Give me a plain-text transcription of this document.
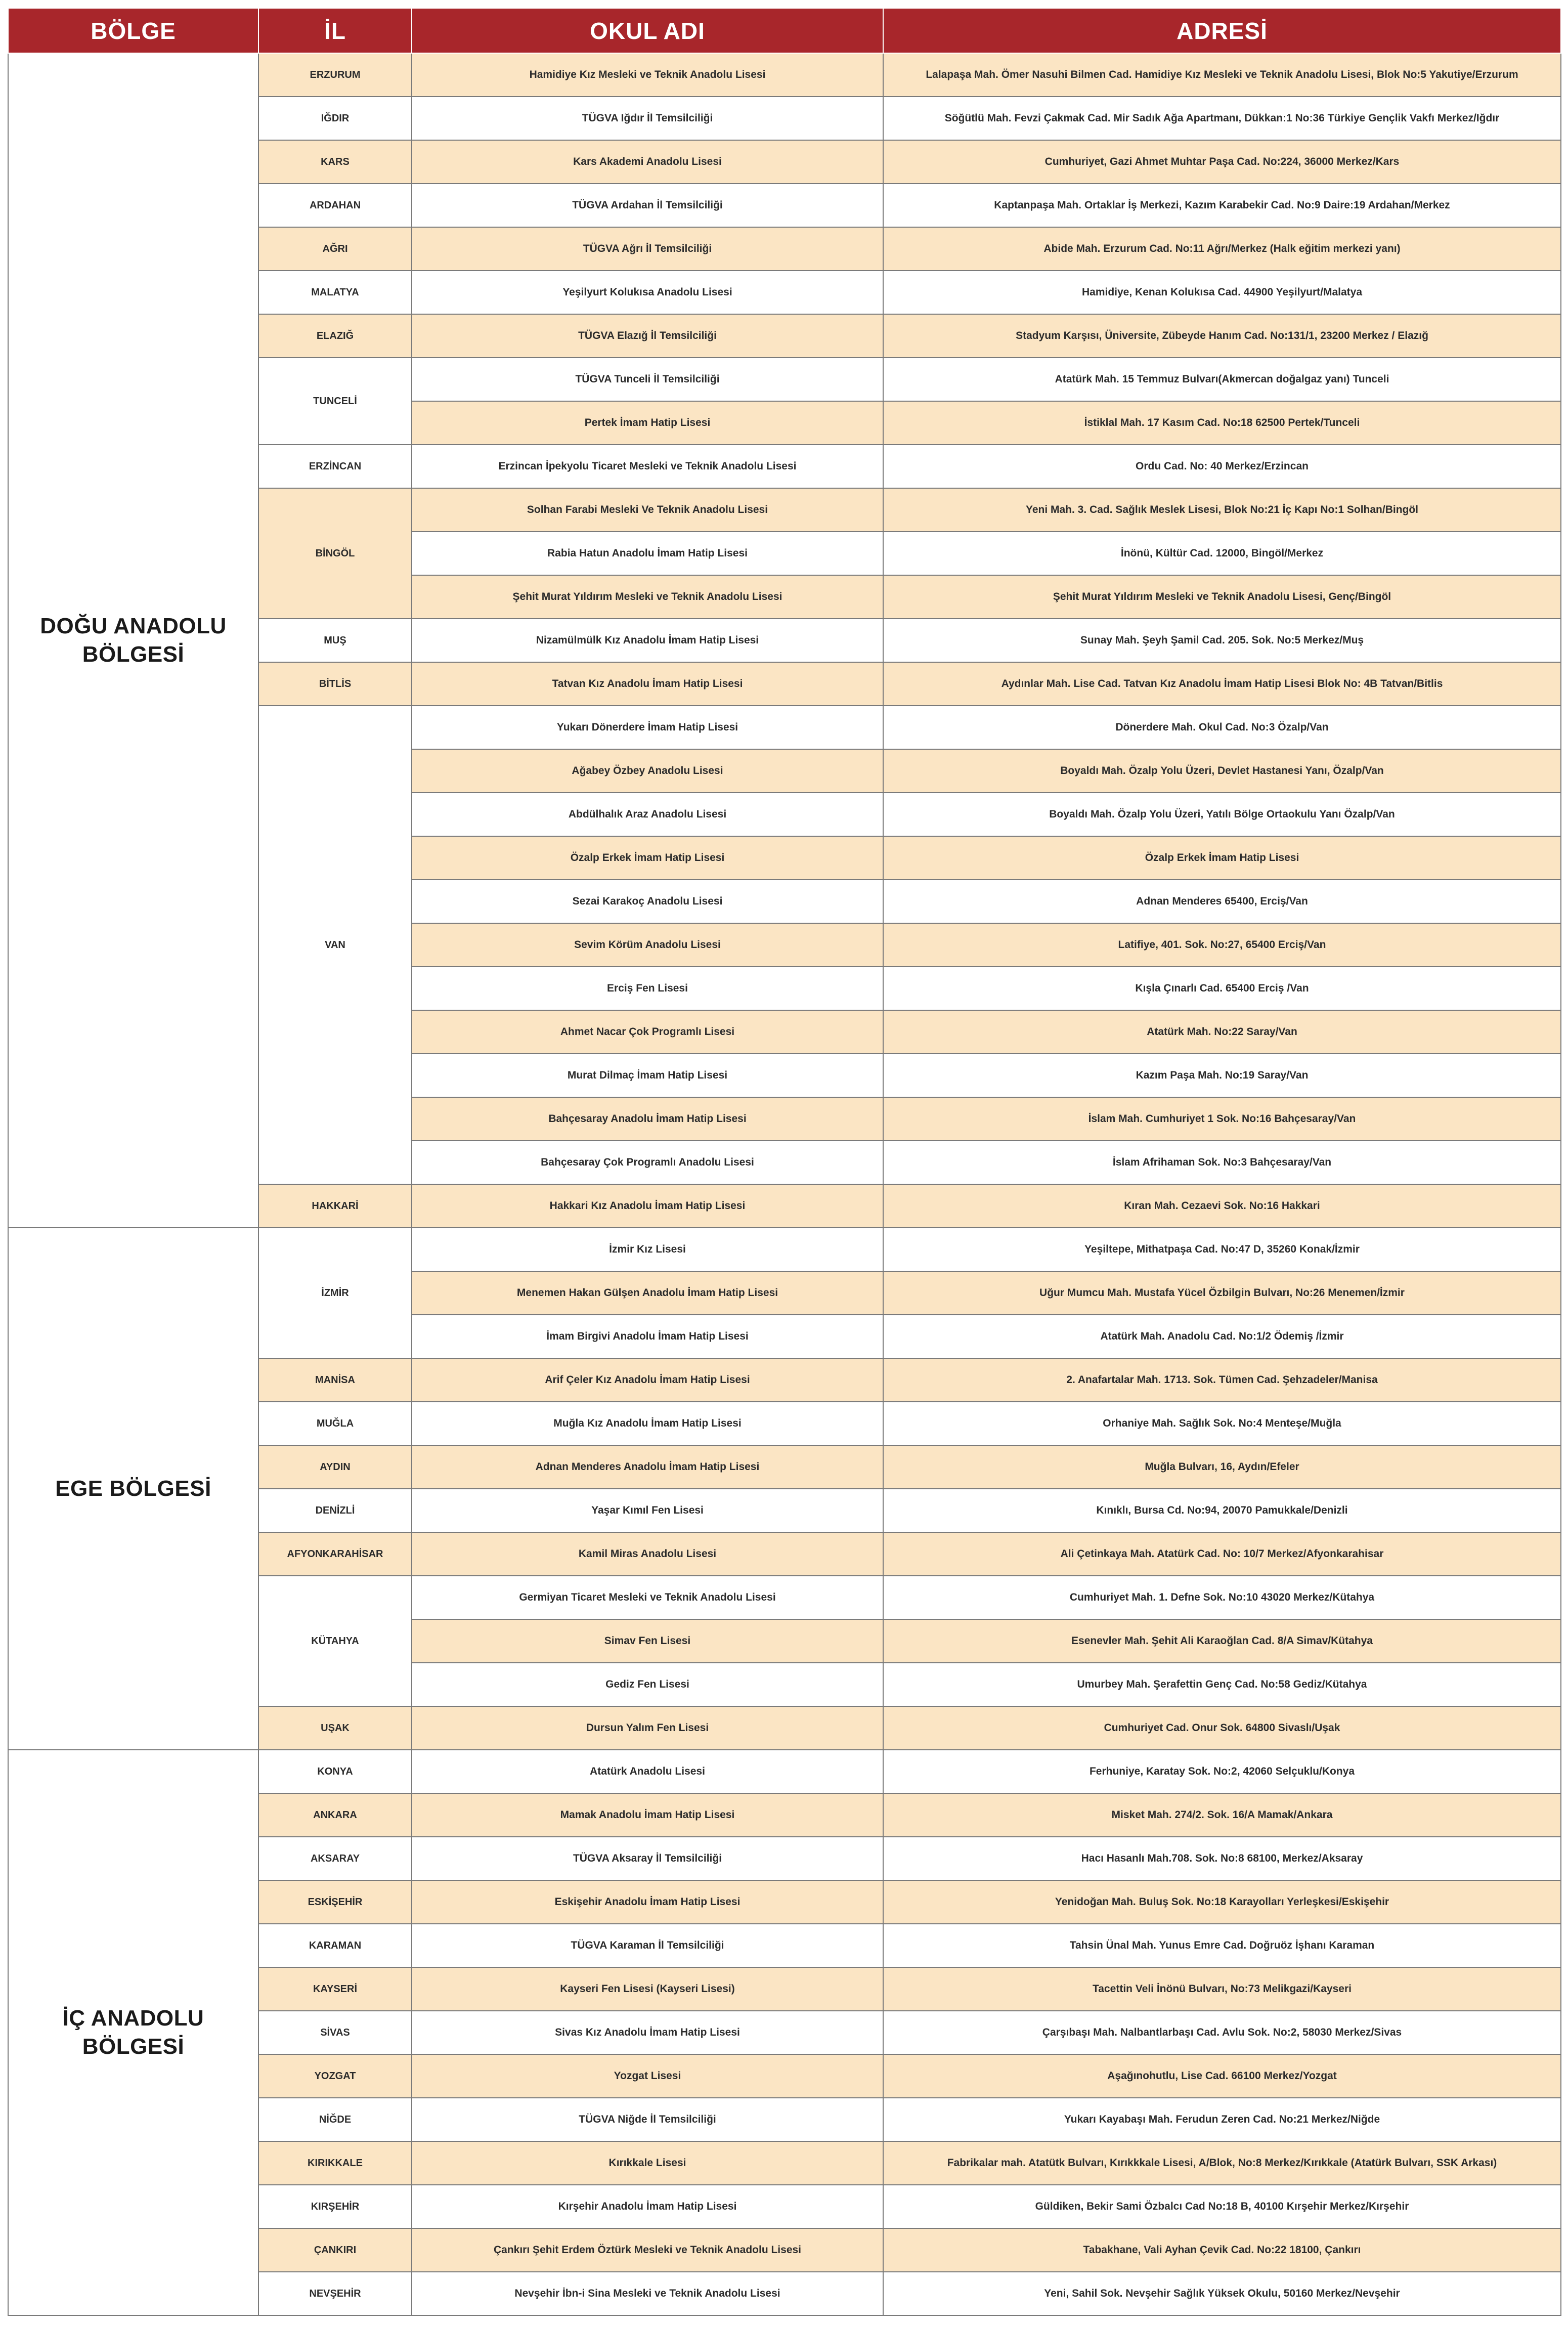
BÖLGE	İL	OKUL ADI	ADRESİ
DOĞU ANADOLU BÖLGESİ	ERZURUM	Hamidiye Kız Mesleki ve Teknik Anadolu Lisesi	Lalapaşa Mah. Ömer Nasuhi Bilmen Cad. Hamidiye Kız Mesleki ve Teknik Anadolu Lisesi, Blok No:5 Yakutiye/Erzurum
	IĞDIR	TÜGVA Iğdır İl Temsilciliği	Söğütlü Mah. Fevzi Çakmak Cad. Mir Sadık Ağa Apartmanı, Dükkan:1 No:36 Türkiye Gençlik Vakfı Merkez/Iğdır
	KARS	Kars Akademi Anadolu Lisesi	Cumhuriyet, Gazi Ahmet Muhtar Paşa Cad. No:224, 36000 Merkez/Kars
	ARDAHAN	TÜGVA Ardahan İl Temsilciliği	Kaptanpaşa Mah. Ortaklar İş Merkezi, Kazım Karabekir Cad. No:9 Daire:19 Ardahan/Merkez
	AĞRI	TÜGVA Ağrı İl Temsilciliği	Abide Mah. Erzurum Cad. No:11 Ağrı/Merkez (Halk eğitim merkezi yanı)
	MALATYA	Yeşilyurt Kolukısa Anadolu Lisesi	Hamidiye, Kenan Kolukısa Cad. 44900 Yeşilyurt/Malatya
	ELAZIĞ	TÜGVA Elazığ İl Temsilciliği	Stadyum Karşısı, Üniversite, Zübeyde Hanım Cad. No:131/1, 23200 Merkez / Elazığ
	TUNCELİ	TÜGVA Tunceli İl Temsilciliği	Atatürk Mah. 15 Temmuz Bulvarı(Akmercan doğalgaz yanı) Tunceli
		Pertek İmam Hatip Lisesi	İstiklal Mah. 17 Kasım Cad. No:18 62500 Pertek/Tunceli
	ERZİNCAN	Erzincan İpekyolu Ticaret Mesleki ve Teknik Anadolu Lisesi	Ordu Cad. No: 40 Merkez/Erzincan
	BİNGÖL	Solhan Farabi Mesleki Ve Teknik Anadolu Lisesi	Yeni Mah. 3. Cad. Sağlık Meslek Lisesi, Blok No:21 İç Kapı No:1 Solhan/Bingöl
		Rabia Hatun Anadolu İmam Hatip Lisesi	İnönü, Kültür Cad. 12000, Bingöl/Merkez
		Şehit Murat Yıldırım Mesleki ve Teknik Anadolu Lisesi	Şehit Murat Yıldırım Mesleki ve Teknik Anadolu Lisesi, Genç/Bingöl
	MUŞ	Nizamülmülk Kız Anadolu İmam Hatip Lisesi	Sunay Mah. Şeyh Şamil Cad. 205. Sok. No:5 Merkez/Muş
	BİTLİS	Tatvan Kız Anadolu İmam Hatip Lisesi	Aydınlar Mah. Lise Cad. Tatvan Kız Anadolu İmam Hatip Lisesi Blok No: 4B Tatvan/Bitlis
	VAN	Yukarı Dönerdere İmam Hatip Lisesi	Dönerdere Mah. Okul Cad. No:3 Özalp/Van
		Ağabey Özbey Anadolu Lisesi	Boyaldı Mah. Özalp Yolu Üzeri, Devlet Hastanesi Yanı, Özalp/Van
		Abdülhalık Araz Anadolu Lisesi	Boyaldı Mah. Özalp Yolu Üzeri, Yatılı Bölge Ortaokulu Yanı Özalp/Van
		Özalp Erkek İmam Hatip Lisesi	Özalp Erkek İmam Hatip Lisesi
		Sezai Karakoç Anadolu Lisesi	Adnan Menderes 65400, Erciş/Van
		Sevim Körüm Anadolu Lisesi	Latifiye, 401. Sok. No:27, 65400 Erciş/Van
		Erciş Fen Lisesi	Kışla Çınarlı Cad. 65400 Erciş /Van
		Ahmet Nacar Çok Programlı Lisesi	Atatürk Mah. No:22 Saray/Van
		Murat Dilmaç İmam Hatip Lisesi	Kazım Paşa Mah. No:19 Saray/Van
		Bahçesaray Anadolu İmam Hatip Lisesi	İslam Mah. Cumhuriyet 1 Sok. No:16 Bahçesaray/Van
		Bahçesaray Çok Programlı Anadolu Lisesi	İslam Afrihaman Sok. No:3 Bahçesaray/Van
	HAKKARİ	Hakkari Kız Anadolu İmam Hatip Lisesi	Kıran Mah. Cezaevi Sok. No:16 Hakkari
EGE BÖLGESİ	İZMİR	İzmir Kız Lisesi	Yeşiltepe, Mithatpaşa Cad. No:47 D, 35260 Konak/İzmir
		Menemen Hakan Gülşen Anadolu İmam Hatip Lisesi	Uğur Mumcu Mah. Mustafa Yücel Özbilgin Bulvarı, No:26 Menemen/İzmir
		İmam Birgivi Anadolu İmam Hatip Lisesi	Atatürk Mah. Anadolu Cad. No:1/2 Ödemiş /İzmir
	MANİSA	Arif Çeler Kız Anadolu İmam Hatip Lisesi	2. Anafartalar Mah. 1713. Sok. Tümen Cad. Şehzadeler/Manisa
	MUĞLA	Muğla Kız Anadolu İmam Hatip Lisesi	Orhaniye Mah. Sağlık Sok. No:4 Menteşe/Muğla
	AYDIN	Adnan Menderes Anadolu İmam Hatip Lisesi	Muğla Bulvarı, 16, Aydın/Efeler
	DENİZLİ	Yaşar Kımıl Fen Lisesi	Kınıklı, Bursa Cd. No:94, 20070 Pamukkale/Denizli
	AFYONKARAHİSAR	Kamil Miras Anadolu Lisesi	Ali Çetinkaya Mah. Atatürk Cad. No: 10/7 Merkez/Afyonkarahisar
	KÜTAHYA	Germiyan Ticaret Mesleki ve Teknik Anadolu Lisesi	Cumhuriyet Mah. 1. Defne Sok. No:10 43020 Merkez/Kütahya
		Simav Fen Lisesi	Esenevler Mah. Şehit Ali Karaoğlan Cad. 8/A Simav/Kütahya
		Gediz Fen Lisesi	Umurbey Mah. Şerafettin Genç Cad. No:58 Gediz/Kütahya
	UŞAK	Dursun Yalım Fen Lisesi	Cumhuriyet Cad. Onur Sok. 64800 Sivaslı/Uşak
İÇ ANADOLU BÖLGESİ	KONYA	Atatürk Anadolu Lisesi	Ferhuniye, Karatay Sok. No:2, 42060 Selçuklu/Konya
	ANKARA	Mamak Anadolu İmam Hatip Lisesi	Misket Mah. 274/2. Sok. 16/A Mamak/Ankara
	AKSARAY	TÜGVA Aksaray İl Temsilciliği	Hacı Hasanlı Mah.708. Sok. No:8 68100, Merkez/Aksaray
	ESKİŞEHİR	Eskişehir Anadolu İmam Hatip Lisesi	Yenidoğan Mah. Buluş Sok. No:18 Karayolları Yerleşkesi/Eskişehir
	KARAMAN	TÜGVA Karaman İl Temsilciliği	Tahsin Ünal Mah. Yunus Emre Cad. Doğruöz İşhanı Karaman
	KAYSERİ	Kayseri Fen Lisesi (Kayseri Lisesi)	Tacettin Veli İnönü Bulvarı, No:73 Melikgazi/Kayseri
	SİVAS	Sivas Kız Anadolu İmam Hatip Lisesi	Çarşıbaşı Mah. Nalbantlarbaşı Cad. Avlu Sok. No:2, 58030 Merkez/Sivas
	YOZGAT	Yozgat Lisesi	Aşağınohutlu, Lise Cad. 66100 Merkez/Yozgat
	NİĞDE	TÜGVA Niğde İl Temsilciliği	Yukarı Kayabaşı Mah. Ferudun Zeren Cad. No:21 Merkez/Niğde
	KIRIKKALE	Kırıkkale Lisesi	Fabrikalar mah. Atatütk Bulvarı, Kırıkkkale Lisesi, A/Blok, No:8 Merkez/Kırıkkale (Atatürk Bulvarı, SSK Arkası)
	KIRŞEHİR	Kırşehir Anadolu İmam Hatip Lisesi	Güldiken, Bekir Sami Özbalcı Cad No:18 B, 40100 Kırşehir Merkez/Kırşehir
	ÇANKIRI	Çankırı Şehit Erdem Öztürk Mesleki ve Teknik Anadolu Lisesi	Tabakhane, Vali Ayhan Çevik Cad. No:22 18100, Çankırı
	NEVŞEHİR	Nevşehir İbn-i Sina Mesleki ve Teknik Anadolu Lisesi	Yeni, Sahil Sok. Nevşehir Sağlık Yüksek Okulu, 50160 Merkez/Nevşehir
